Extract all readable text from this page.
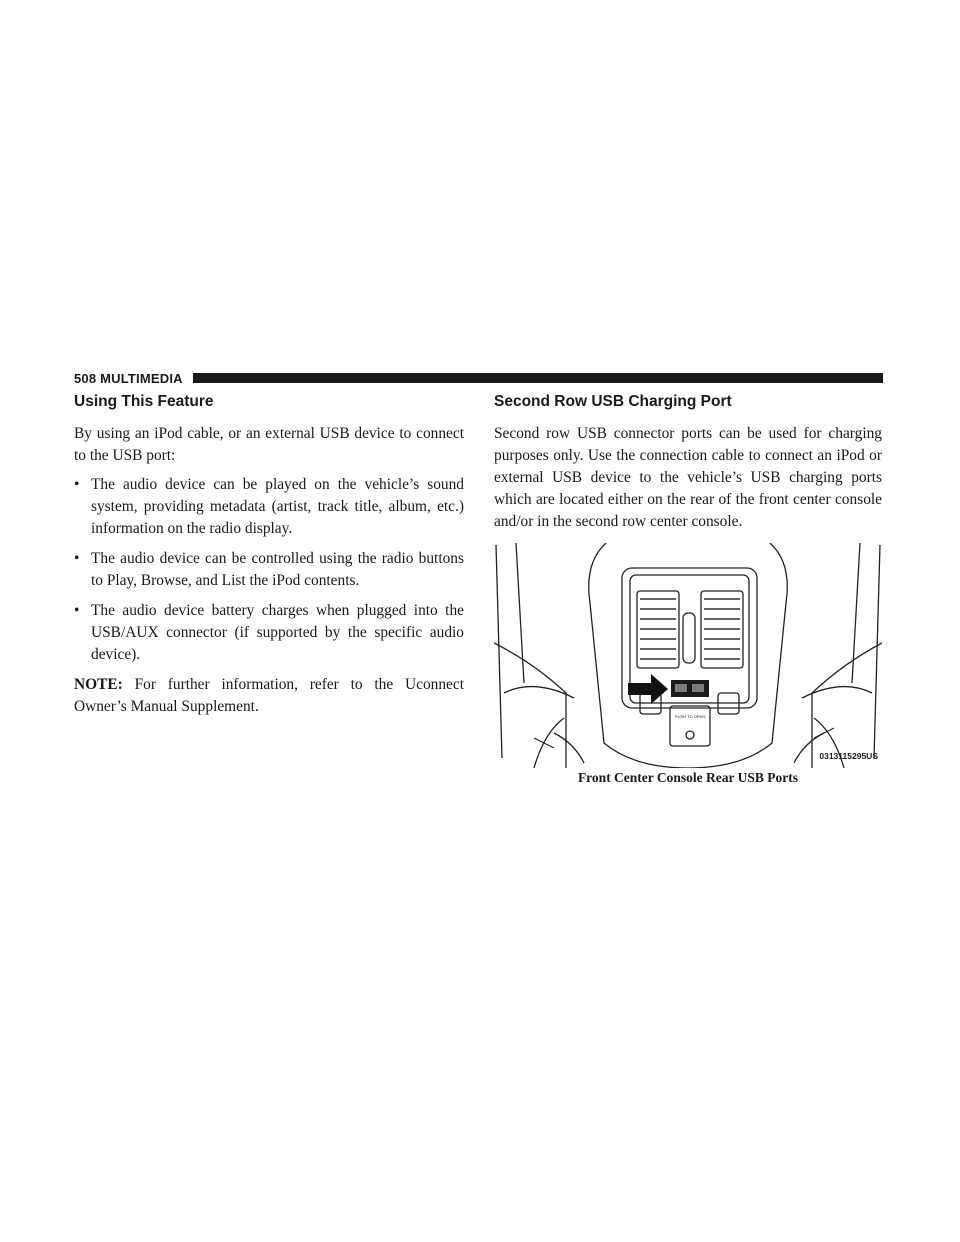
508 MULTIMEDIA
Using This Feature

By using an iPod cable, or an external USB device to connect to the USB port:

• The audio device can be played on the vehicle’s sound system, providing metadata (artist, track title, album, etc.) information on the radio display.
• The audio device can be controlled using the radio buttons to Play, Browse, and List the iPod contents.
• The audio device battery charges when plugged into the USB/AUX connector (if supported by the specific audio device).

NOTE: For further information, refer to the Uconnect Owner’s Manual Supplement.

Second Row USB Charging Port

Second row USB connector ports can be used for charging purposes only. Use the connection cable to connect an iPod or external USB device to the vehicle’s USB charging ports which are located either on the rear of the front center console and/or in the second row center console.

PUSH TO OPEN
0313115295US
Front Center Console Rear USB Ports
